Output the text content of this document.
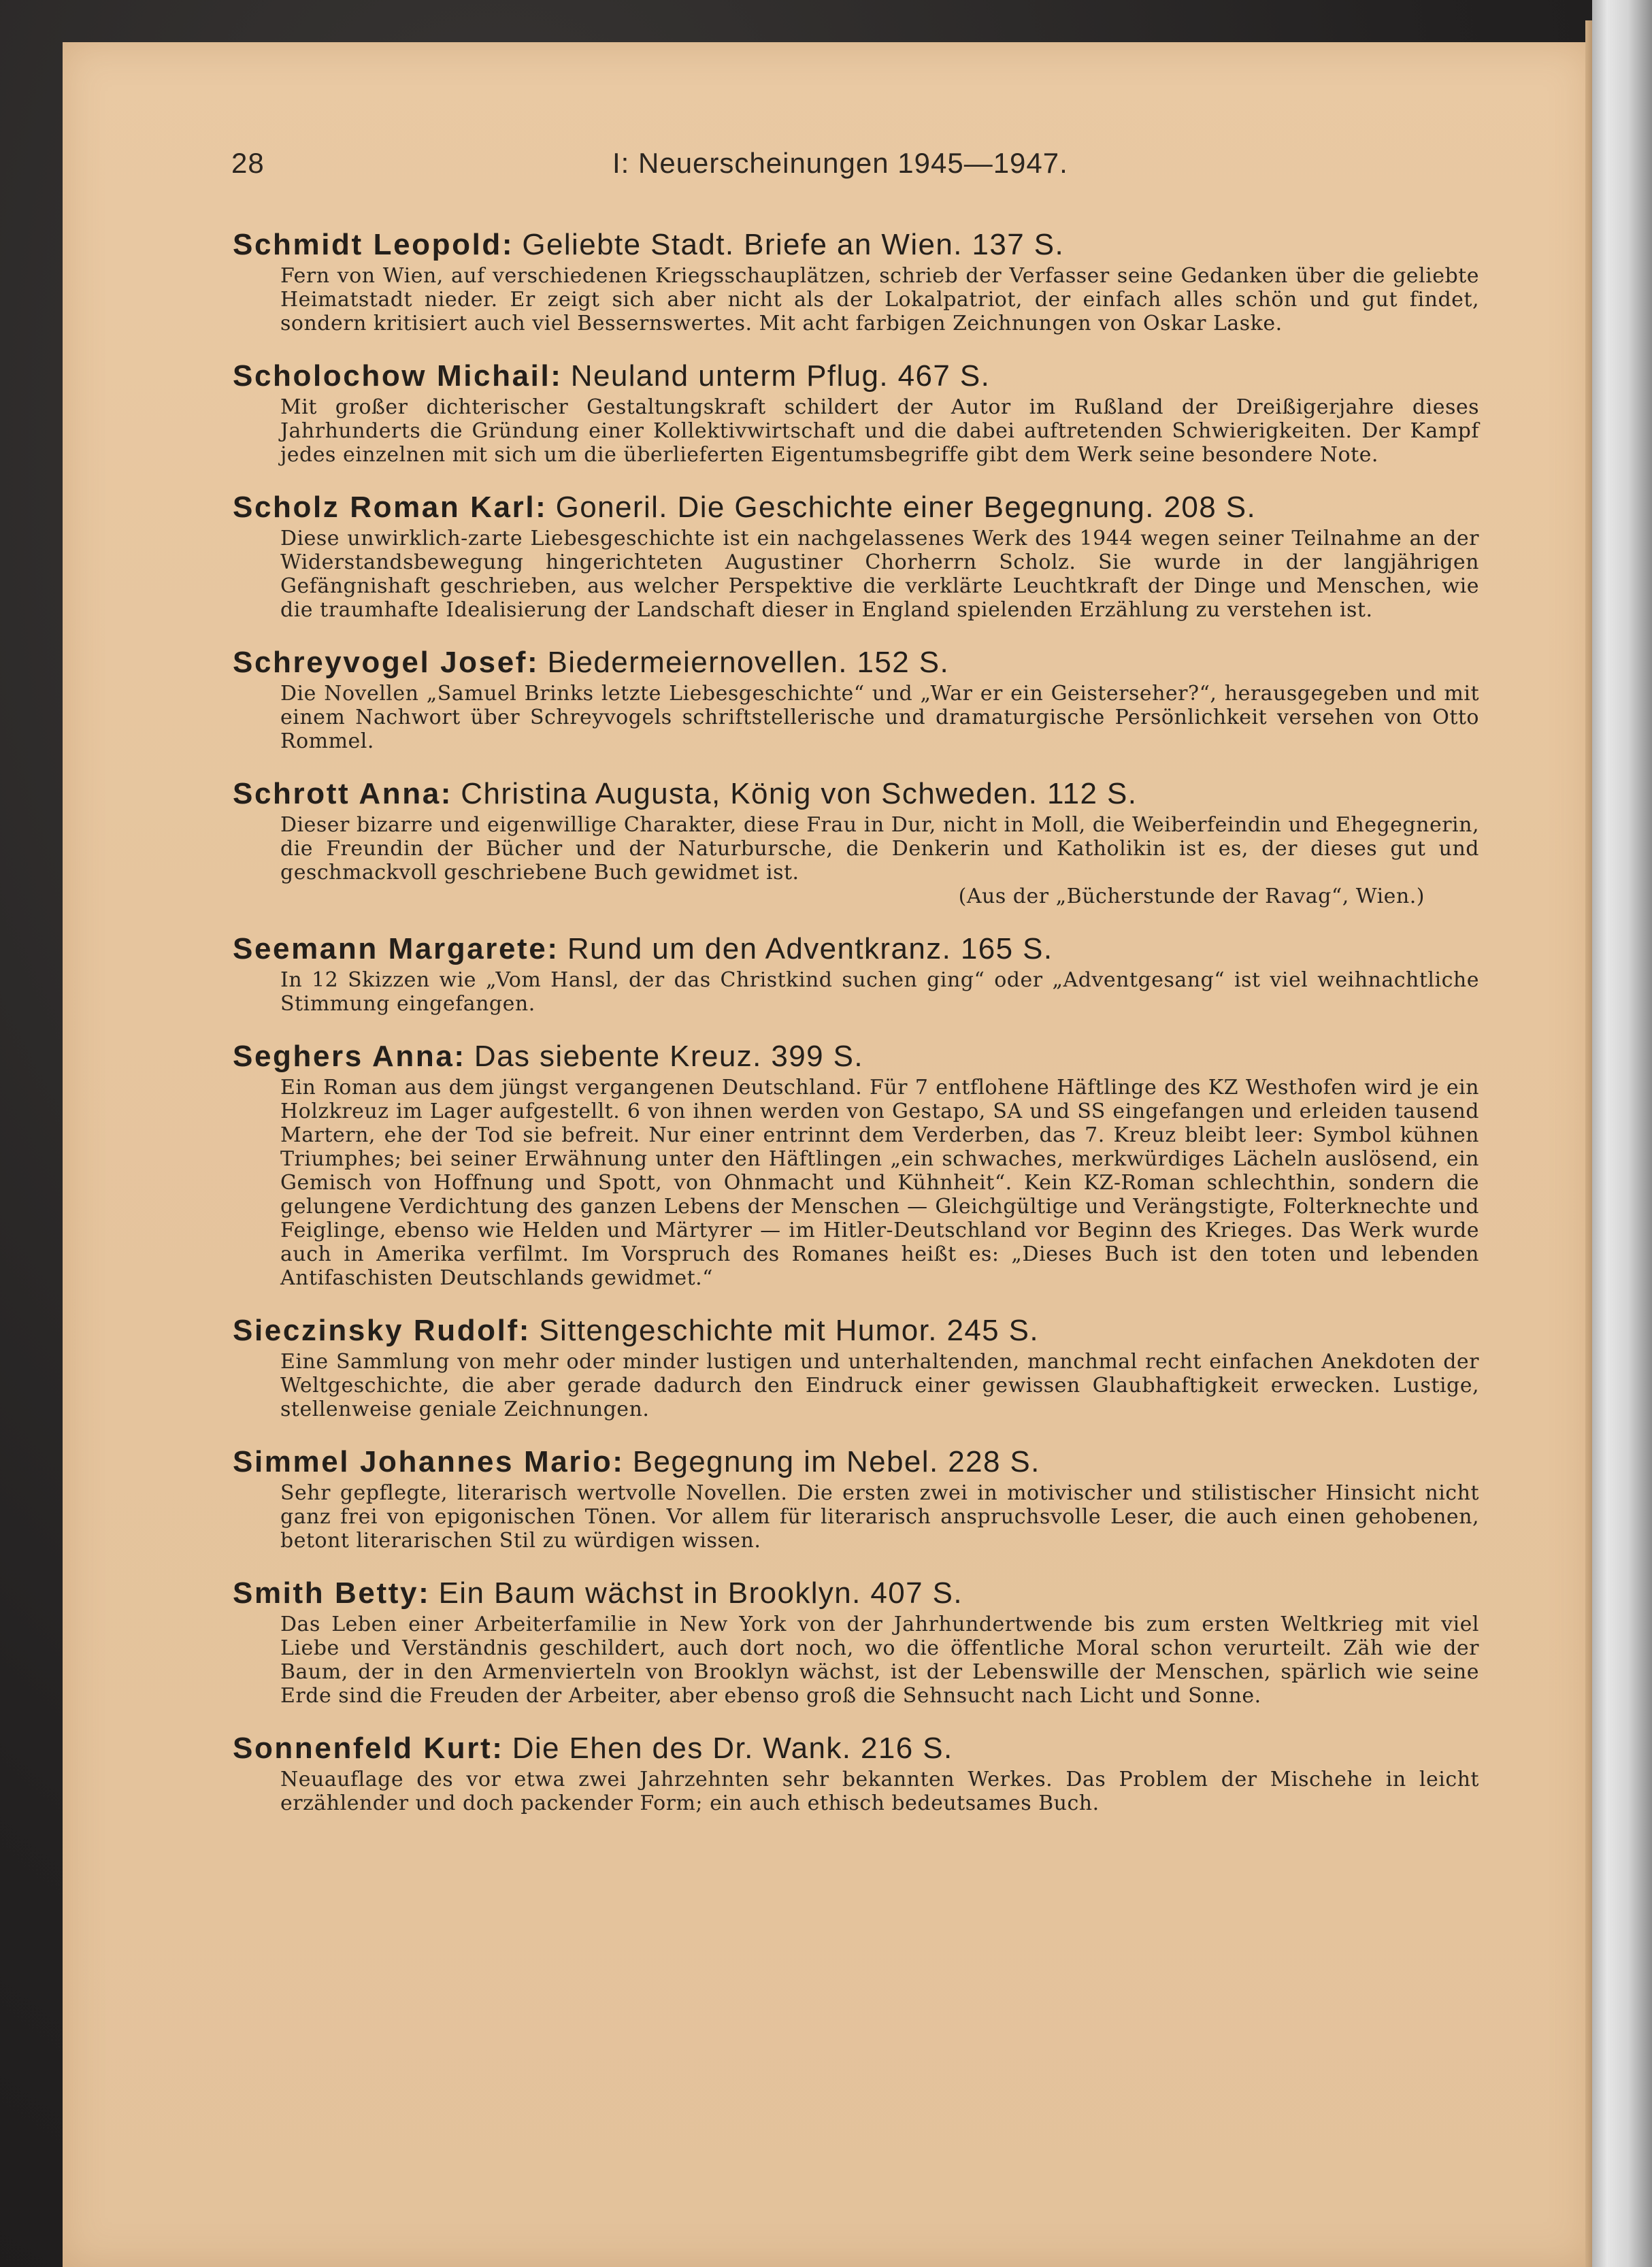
28	I: Neuerscheinungen 1945—1947.
Schmidt Leopold: Geliebte Stadt. Briefe an Wien. 137 S.
Fern von Wien, auf verschiedenen Kriegsschauplätzen, schrieb der Verfasser seine Gedanken über die geliebte Heimatstadt nieder. Er zeigt sich aber nicht als der Lokalpatriot, der einfach alles schön und gut findet, sondern kritisiert auch viel Bessernswertes. Mit acht farbigen Zeichnungen von Oskar Laske.
Scholochow Michail: Neuland unterm Pflug. 467 S.
Mit großer dichterischer Gestaltungskraft schildert der Autor im Rußland der Dreißigerjahre dieses Jahrhunderts die Gründung einer Kollektivwirtschaft und die dabei auftretenden Schwierigkeiten. Der Kampf jedes einzelnen mit sich um die überlieferten Eigentumsbegriffe gibt dem Werk seine besondere Note.
Scholz Roman Karl: Goneril. Die Geschichte einer Begegnung. 208 S.
Diese unwirklich-zarte Liebesgeschichte ist ein nachgelassenes Werk des 1944 wegen seiner Teilnahme an der Widerstandsbewegung hingerichteten Augustiner Chorherrn Scholz. Sie wurde in der langjährigen Gefängnishaft geschrieben, aus welcher Perspektive die verklärte Leuchtkraft der Dinge und Menschen, wie die traumhafte Idealisierung der Landschaft dieser in England spielenden Erzählung zu verstehen ist.
Schreyvogel Josef: Biedermeiernovellen. 152 S.
Die Novellen „Samuel Brinks letzte Liebesgeschichte“ und „War er ein Geisterseher?“, herausgegeben und mit einem Nachwort über Schreyvogels schriftstellerische und dramaturgische Persönlichkeit versehen von Otto Rommel.
Schrott Anna: Christina Augusta, König von Schweden. 112 S.
Dieser bizarre und eigenwillige Charakter, diese Frau in Dur, nicht in Moll, die Weiberfeindin und Ehegegnerin, die Freundin der Bücher und der Naturbursche, die Denkerin und Katholikin ist es, der dieses gut und geschmackvoll geschriebene Buch gewidmet ist.
(Aus der „Bücherstunde der Ravag“, Wien.)
Seemann Margarete: Rund um den Adventkranz. 165 S.
In 12 Skizzen wie „Vom Hansl, der das Christkind suchen ging“ oder „Adventgesang“ ist viel weihnachtliche Stimmung eingefangen.
Seghers Anna: Das siebente Kreuz. 399 S.
Ein Roman aus dem jüngst vergangenen Deutschland. Für 7 entflohene Häftlinge des KZ Westhofen wird je ein Holzkreuz im Lager aufgestellt. 6 von ihnen werden von Gestapo, SA und SS eingefangen und erleiden tausend Martern, ehe der Tod sie befreit. Nur einer entrinnt dem Verderben, das 7. Kreuz bleibt leer: Symbol kühnen Triumphes; bei seiner Erwähnung unter den Häftlingen „ein schwaches, merkwürdiges Lächeln auslösend, ein Gemisch von Hoffnung und Spott, von Ohnmacht und Kühnheit“. Kein KZ-Roman schlechthin, sondern die gelungene Verdichtung des ganzen Lebens der Menschen — Gleichgültige und Verängstigte, Folterknechte und Feiglinge, ebenso wie Helden und Märtyrer — im Hitler-Deutschland vor Beginn des Krieges. Das Werk wurde auch in Amerika verfilmt. Im Vorspruch des Romanes heißt es: „Dieses Buch ist den toten und lebenden Antifaschisten Deutschlands gewidmet.“
Sieczinsky Rudolf: Sittengeschichte mit Humor. 245 S.
Eine Sammlung von mehr oder minder lustigen und unterhaltenden, manchmal recht einfachen Anekdoten der Weltgeschichte, die aber gerade dadurch den Eindruck einer gewissen Glaubhaftigkeit erwecken. Lustige, stellenweise geniale Zeichnungen.
Simmel Johannes Mario: Begegnung im Nebel. 228 S.
Sehr gepflegte, literarisch wertvolle Novellen. Die ersten zwei in motivischer und stilistischer Hinsicht nicht ganz frei von epigonischen Tönen. Vor allem für literarisch anspruchsvolle Leser, die auch einen gehobenen, betont literarischen Stil zu würdigen wissen.
Smith Betty: Ein Baum wächst in Brooklyn. 407 S.
Das Leben einer Arbeiterfamilie in New York von der Jahrhundertwende bis zum ersten Weltkrieg mit viel Liebe und Verständnis geschildert, auch dort noch, wo die öffentliche Moral schon verurteilt. Zäh wie der Baum, der in den Armenvierteln von Brooklyn wächst, ist der Lebenswille der Menschen, spärlich wie seine Erde sind die Freuden der Arbeiter, aber ebenso groß die Sehnsucht nach Licht und Sonne.
Sonnenfeld Kurt: Die Ehen des Dr. Wank. 216 S.
Neuauflage des vor etwa zwei Jahrzehnten sehr bekannten Werkes. Das Problem der Mischehe in leicht erzählender und doch packender Form; ein auch ethisch bedeutsames Buch.
